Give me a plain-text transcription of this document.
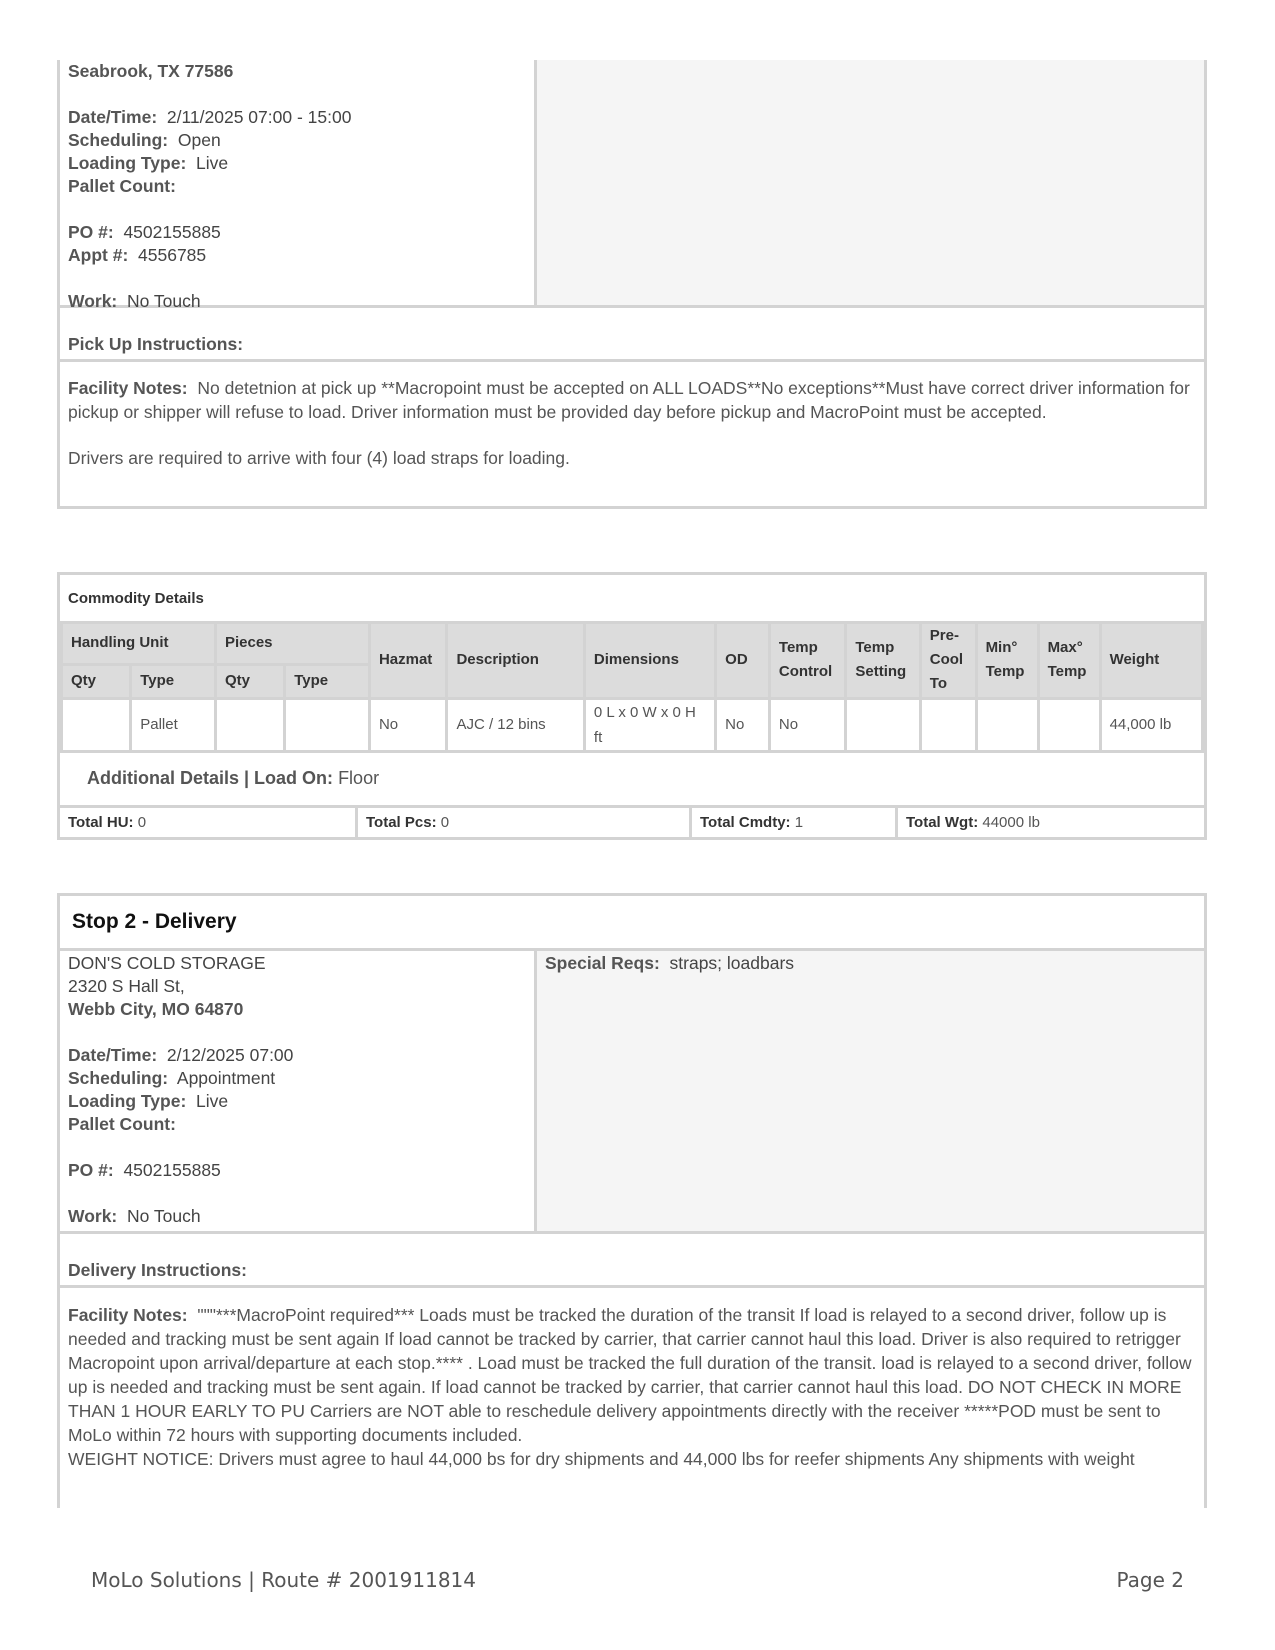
Seabrook, TX 77586
Date/Time: 2/11/2025 07:00 - 15:00
Scheduling: Open
Loading Type: Live
Pallet Count:
PO #: 4502155885
Appt #: 4556785
Work: No Touch
Pick Up Instructions:

Facility Notes: No detetnion at pick up **Macropoint must be accepted on ALL LOADS**No exceptions**Must have correct driver information for pickup or shipper will refuse to load. Driver information must be provided day before pickup and MacroPoint must be accepted.

Drivers are required to arrive with four (4) load straps for loading.

Commodity Details
Handling Unit		Pieces		Hazmat	Description	Dimensions	OD	Temp Control	Temp Setting	Pre-Cool To	Min° Temp	Max° Temp	Weight
Qty	Type	Qty	Type										
	Pallet			No	AJC / 12 bins	0 L x 0 W x 0 H ft	No	No					44,000 lb
Additional Details | Load On:
Floor
Total HU:
0	Total Pcs:
0	Total Cmdty:
1	Total Wgt:
44000 lb
Stop 2 - Delivery
DON'S COLD STORAGE
2320 S Hall St,
Webb City, MO 64870
Date/Time: 2/12/2025 07:00
Scheduling: Appointment
Loading Type: Live
Pallet Count:
PO #: 4502155885
Work: No Touch
Special Reqs: straps; loadbars
Delivery Instructions:

Facility Notes: """***MacroPoint required*** Loads must be tracked the duration of the transit If load is relayed to a second driver, follow up is needed and tracking must be sent again If load cannot be tracked by carrier, that carrier cannot haul this load. Driver is also required to retrigger Macropoint upon arrival/departure at each stop.**** . Load must be tracked the full duration of the transit. load is relayed to a second driver, follow up is needed and tracking must be sent again. If load cannot be tracked by carrier, that carrier cannot haul this load. DO NOT CHECK IN MORE THAN 1 HOUR EARLY TO PU Carriers are NOT able to reschedule delivery appointments directly with the receiver *****POD must be sent to MoLo within 72 hours with supporting documents included.

WEIGHT NOTICE: Drivers must agree to haul 44,000 bs for dry shipments and 44,000 lbs for reefer shipments Any shipments with weight

MoLo Solutions | Route # 2001911814	Page 2
